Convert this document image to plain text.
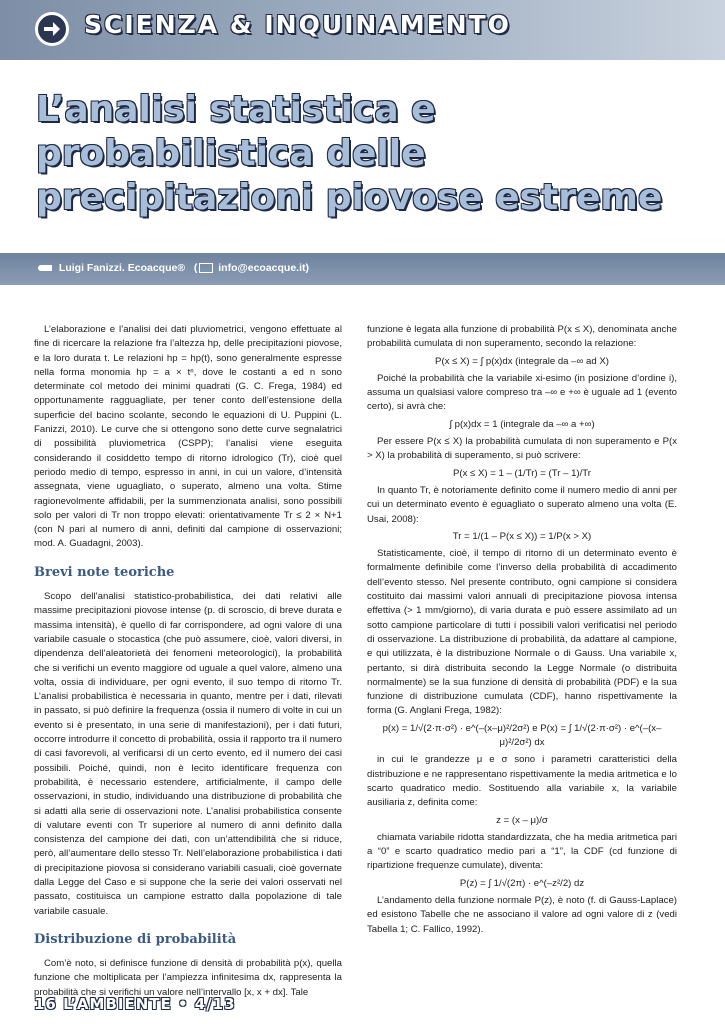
SCIENZA & INQUINAMENTO
L’analisi statistica e probabilistica delle precipitazioni piovose estreme
Luigi Fanizzi. Ecoacque®   ( info@ecoacque.it)

L’elaborazione e l’analisi dei dati pluviometrici, vengono effettuate al fine di ricercare la relazione fra l’altezza hp, delle precipitazioni piovose, e la loro durata t. Le relazioni hp = hp(t), sono generalmente espresse nella forma monomia hp = a × tⁿ, dove le costanti a ed n sono determinate col metodo dei minimi quadrati (G. C. Frega, 1984) ed opportunamente ragguagliate, per tener conto dell’estensione della superficie del bacino scolante, secondo le equazioni di U. Puppini (L. Fanizzi, 2010). Le curve che si ottengono sono dette curve segnalatrici di possibilità pluviometrica (CSPP); l’analisi viene eseguita considerando il cosiddetto tempo di ritorno idrologico (Tr), cioè quel periodo medio di tempo, espresso in anni, in cui un valore, d’intensità assegnata, viene uguagliato, o superato, almeno una volta. Stime ragionevolmente affidabili, per la summenzionata analisi, sono possibili solo per valori di Tr non troppo elevati: orientativamente Tr ≤ 2 × N+1 (con N pari al numero di anni, definiti dal campione di osservazioni; mod. A. Guadagni, 2003).

Brevi note teoriche

Scopo dell’analisi statistico-probabilistica, dei dati relativi alle massime precipitazioni piovose intense (p. di scroscio, di breve durata e massima intensità), è quello di far corrispondere, ad ogni valore di una variabile casuale o stocastica (che può assumere, cioè, valori diversi, in dipendenza dell’aleatorietà dei fenomeni meteorologici), la probabilità che si verifichi un evento maggiore od uguale a quel valore, almeno una volta, ossia di individuare, per ogni evento, il suo tempo di ritorno Tr. L’analisi probabilistica è necessaria in quanto, mentre per i dati, rilevati in passato, si può definire la frequenza (ossia il numero di volte in cui un evento si è presentato, in una serie di manifestazioni), per i dati futuri, occorre introdurre il concetto di probabilità, ossia il rapporto tra il numero di casi favorevoli, al verificarsi di un certo evento, ed il numero dei casi possibili. Poiché, quindi, non è lecito identificare frequenza con probabilità, è necessario estendere, artificialmente, il campo delle osservazioni, in studio, individuando una distribuzione di probabilità che si adatti alla serie di osservazioni note. L’analisi probabilistica consente di valutare eventi con Tr superiore al numero di anni definito dalla consistenza del campione dei dati, con un’attendibilità che si riduce, però, all’aumentare dello stesso Tr. Nell’elaborazione probabilistica i dati di precipitazione piovosa si considerano variabili casuali, cioè governate dalla Legge del Caso e si suppone che la serie dei valori osservati nel passato, costituisca un campione estratto dalla popolazione di tale variabile casuale.

Distribuzione di probabilità

Com’è noto, si definisce funzione di densità di probabilità p(x), quella funzione che moltiplicata per l’ampiezza infinitesima dx, rappresenta la probabilità che si verifichi un valore nell’intervallo [x, x + dx]. Tale

funzione è legata alla funzione di probabilità P(x ≤ X), denominata anche probabilità cumulata di non superamento, secondo la relazione:

P(x ≤ X) = ∫ p(x)dx (integrale da –∞ ad X)

Poiché la probabilità che la variabile xi-esimo (in posizione d’ordine i), assuma un qualsiasi valore compreso tra –∞ e +∞ è uguale ad 1 (evento certo), si avrà che:

∫ p(x)dx = 1 (integrale da –∞ a +∞)

Per essere P(x ≤ X) la probabilità cumulata di non superamento e P(x > X) la probabilità di superamento, si può scrivere:

P(x ≤ X) = 1 – (1/Tr) = (Tr – 1)/Tr

In quanto Tr, è notoriamente definito come il numero medio di anni per cui un determinato evento è eguagliato o superato almeno una volta (E. Usai, 2008):

Tr = 1/(1 – P(x ≤ X)) = 1/P(x > X)

Statisticamente, cioè, il tempo di ritorno di un determinato evento è formalmente definibile come l’inverso della probabilità di accadimento dell’evento stesso. Nel presente contributo, ogni campione si considera costituito dai massimi valori annuali di precipitazione piovosa intensa effettiva (> 1 mm/giorno), di varia durata e può essere assimilato ad un sotto campione particolare di tutti i possibili valori verificatisi nel periodo di osservazione. La distribuzione di probabilità, da adattare al campione, e qui utilizzata, è la distribuzione Normale o di Gauss. Una variabile x, pertanto, si dirà distribuita secondo la Legge Normale (o distribuita normalmente) se la sua funzione di densità di probabilità (PDF) e la sua funzione di distribuzione cumulata (CDF), hanno rispettivamente la forma (G. Anglani Frega, 1982):

p(x) = 1/√(2·π·σ²) · e^(–(x–μ)²/2σ²) e P(x) = ∫ 1/√(2·π·σ²) · e^(–(x–μ)²/2σ²) dx

in cui le grandezze μ e σ sono i parametri caratteristici della distribuzione e ne rappresentano rispettivamente la media aritmetica e lo scarto quadratico medio. Sostituendo alla variabile x, la variabile ausiliaria z, definita come:

z = (x – μ)/σ

chiamata variabile ridotta standardizzata, che ha media aritmetica pari a “0” e scarto quadratico medio pari a “1”, la CDF (cd funzione di ripartizione frequenze cumulate), diventa:

P(z) = ∫ 1/√(2π) · e^(–z²/2) dz

L’andamento della funzione normale P(z), è noto (f. di Gauss-Laplace) ed esistono Tabelle che ne associano il valore ad ogni valore di z (vedi Tabella 1; C. Fallico, 1992).

16 L’AMBIENTE • 4/13
